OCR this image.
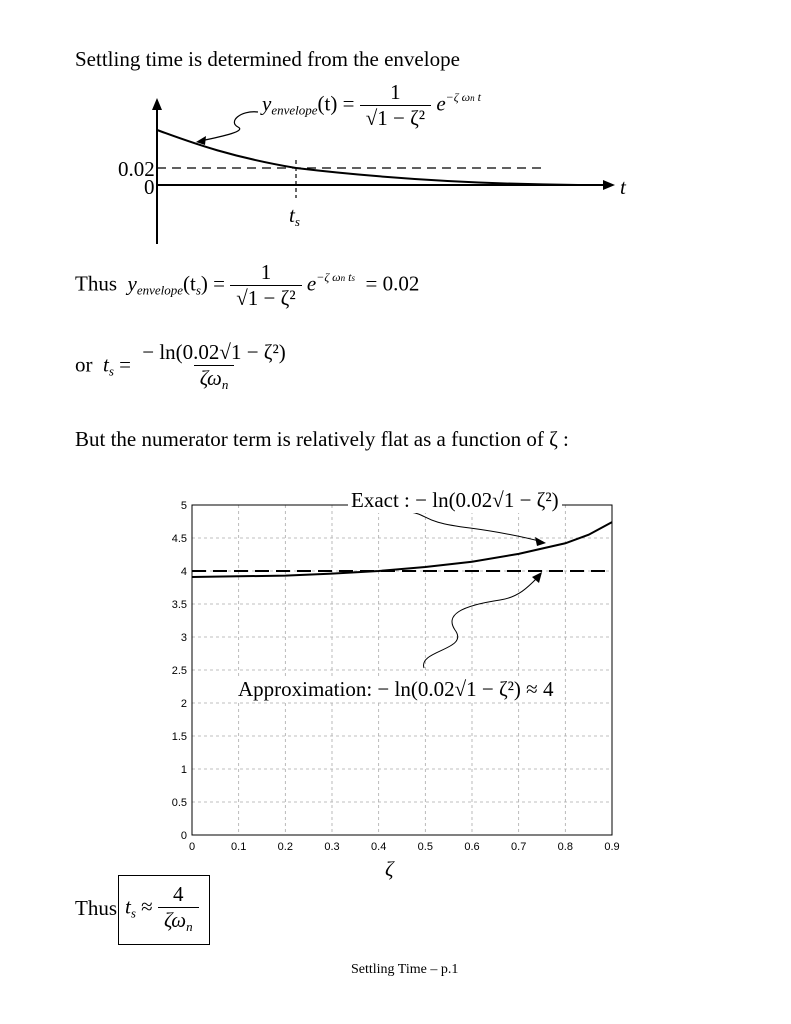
Settling time is determined from the envelope
$y_{envelope}(t) = \frac{1}{\text{√1 − ζ²}} e^{-\zeta \omega n t}$
0.02
0	t
$t_s$
Thus $y_{envelope}(t_s) = \frac{1}{\text{√1 − ζ²}} e^{-\zeta \omega n ts} = 0.02$
or $t_s = \frac{\text{− ln(0.02√1 − ζ²)}}{\zeta\omega_n}$
But the numerator term is relatively flat as a function of ζ :
0	0.1	0.2	0.3	0.4	0.5	0.6	0.7	0.8	0.9
0
0.5
1
1.5
2
2.5
3
3.5
4
4.5
5	Exact : − ln(0.02√1 − ζ²)
Approximation: − ln(0.02√1 − ζ²) ≈ 4
ζ
Thus $t_s \approx \frac{4}{\zeta\omega_n}$
Settling Time – p.1
